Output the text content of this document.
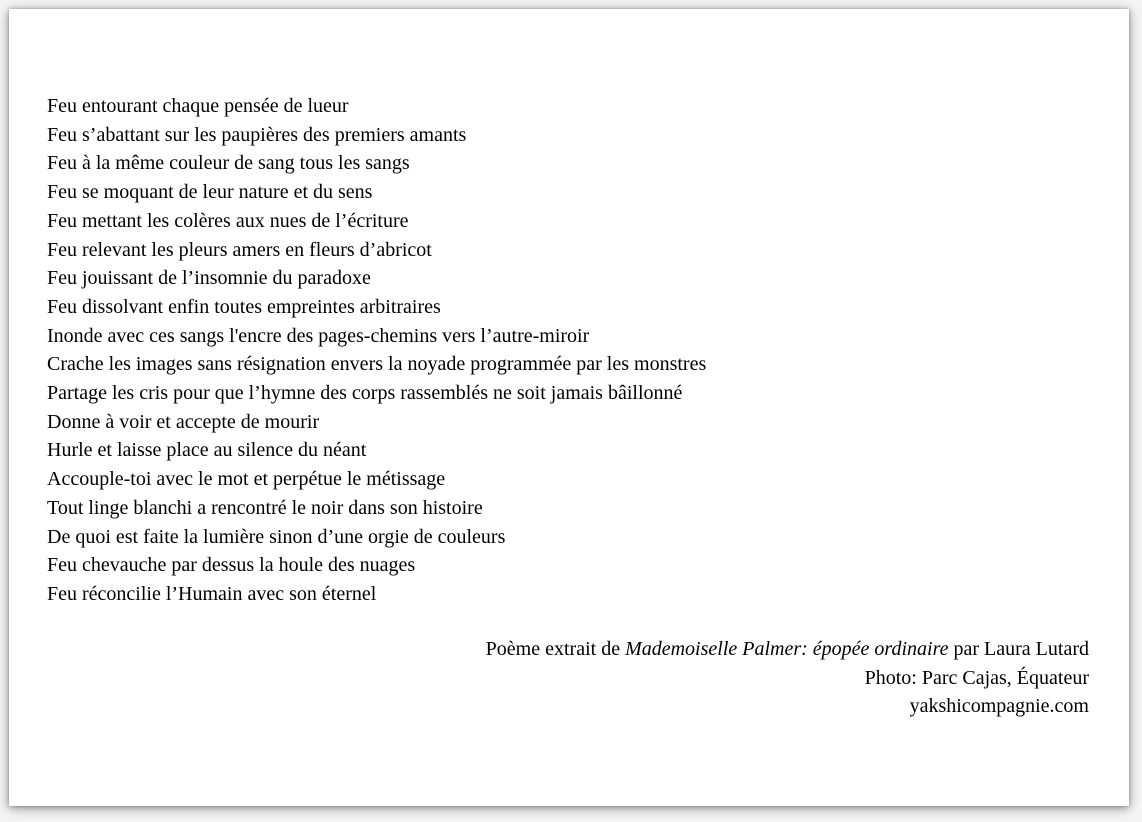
Feu entourant chaque pensée de lueur
Feu s’abattant sur les paupières des premiers amants
Feu à la même couleur de sang tous les sangs
Feu se moquant de leur nature et du sens
Feu mettant les colères aux nues de l’écriture
Feu relevant les pleurs amers en fleurs d’abricot
Feu jouissant de l’insomnie du paradoxe
Feu dissolvant enfin toutes empreintes arbitraires
Inonde avec ces sangs l'encre des pages-chemins vers l’autre-miroir
Crache les images sans résignation envers la noyade programmée par les monstres
Partage les cris pour que l’hymne des corps rassemblés ne soit jamais bâillonné
Donne à voir et accepte de mourir
Hurle et laisse place au silence du néant
Accouple-toi avec le mot et perpétue le métissage
Tout linge blanchi a rencontré le noir dans son histoire
De quoi est faite la lumière sinon d’une orgie de couleurs
Feu chevauche par dessus la houle des nuages
Feu réconcilie l’Humain avec son éternel
Poème extrait de Mademoiselle Palmer: épopée ordinaire par Laura Lutard
Photo: Parc Cajas, Équateur
yakshicompagnie.com
